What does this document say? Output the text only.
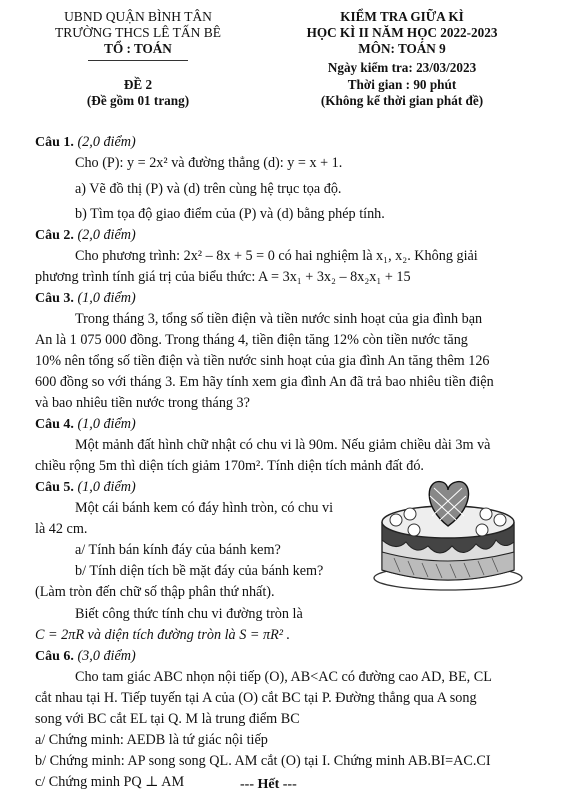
UBND QUẬN BÌNH TÂN
TRƯỜNG THCS LÊ TẤN BÊ
TỔ : TOÁN
ĐỀ 2
(Đề gồm 01 trang)
KIỂM TRA GIỮA KÌ
HỌC KÌ II NĂM HỌC 2022-2023
MÔN: TOÁN 9
Ngày kiểm tra: 23/03/2023
Thời gian : 90 phút
(Không kể thời gian phát đề)
Câu 1. (2,0 điểm)
Cho (P): y = 2x² và đường thẳng (d): y = x + 1.
a) Vẽ đồ thị (P) và (d) trên cùng hệ trục tọa độ.
b) Tìm tọa độ giao điểm của (P) và (d) bằng phép tính.
Câu 2. (2,0 điểm)
Cho phương trình: 2x² – 8x + 5 = 0 có hai nghiệm là x₁, x₂. Không giải
phương trình tính giá trị của biểu thức: A = 3x₁ + 3x₂ – 8x₂x₁ + 15
Câu 3. (1,0 điểm)
Trong tháng 3, tổng số tiền điện và tiền nước sinh hoạt của gia đình bạn
An là 1 075 000 đồng. Trong tháng 4, tiền điện tăng 12% còn tiền nước tăng
10% nên tổng số tiền điện và tiền nước sinh hoạt của gia đình An tăng thêm 126
600 đồng so với tháng 3. Em hãy tính xem gia đình An đã trả bao nhiêu tiền điện
và bao nhiêu tiền nước trong tháng 3?
Câu 4. (1,0 điểm)
Một mảnh đất hình chữ nhật có chu vi là 90m. Nếu giảm chiều dài 3m và
chiều rộng 5m thì diện tích giảm 170m². Tính diện tích mảnh đất đó.
Câu 5. (1,0 điểm)
Một cái bánh kem có đáy hình tròn, có chu vi
là 42 cm.
a/ Tính bán kính đáy của bánh kem?
b/ Tính diện tích bề mặt đáy của bánh kem?
(Làm tròn đến chữ số thập phân thứ nhất).
Biết công thức tính chu vi đường tròn là
C = 2πR và diện tích đường tròn là S = πR² .
Câu 6. (3,0 điểm)
Cho tam giác ABC nhọn nội tiếp (O), AB<AC có đường cao AD, BE, CL
cắt nhau tại H. Tiếp tuyến tại A của (O) cắt BC tại P. Đường thẳng qua A song
song với BC cắt EL tại Q. M là trung điểm BC
a/ Chứng minh: AEDB là tứ giác nội tiếp
b/ Chứng minh: AP song song QL. AM cắt (O) tại I. Chứng minh AB.BI=AC.CI
c/ Chứng minh PQ ⊥ AM	--- Hết ---
